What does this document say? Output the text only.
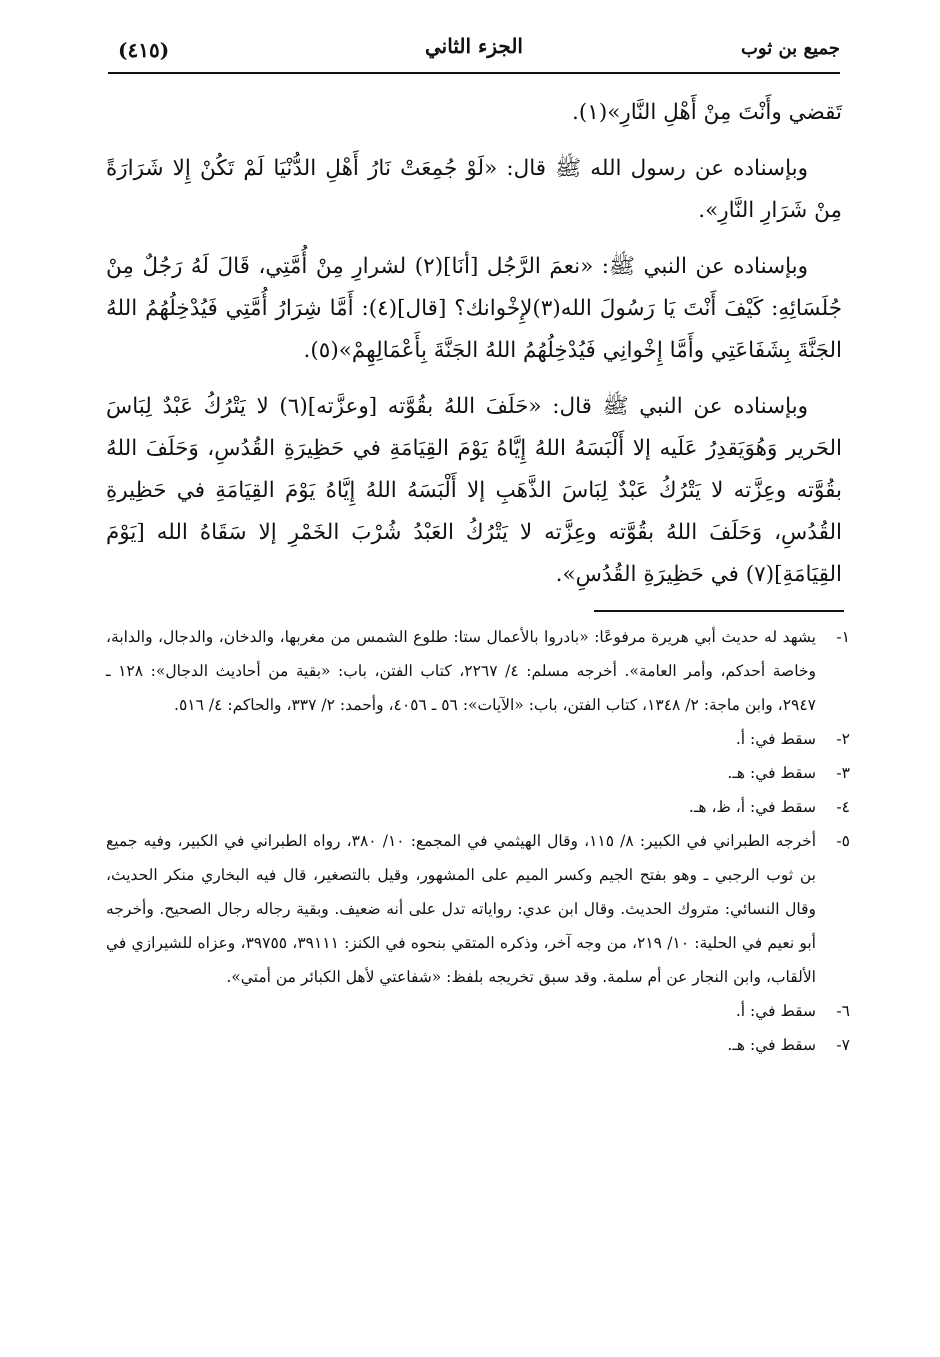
جميع بن ثوب
الجزء الثاني
(٤١٥)

تَقضي وأَنْتَ مِنْ أَهْلِ النَّارِ»(١).

وبإسناده عن رسول الله ﷺ قال: «لَوْ جُمِعَتْ نَارُ أَهْلِ الدُّنْيَا لَمْ تَكُنْ إِلا شَرَارَةً مِنْ شَرَارِ النَّارِ».

وبإسناده عن النبي ﷺ: «نعمَ الرَّجُل [أنَا](٢) لشرارِ مِنْ أُمَّتِي، قَالَ لَهُ رَجُلٌ مِنْ جُلَسَائِهِ: كَيْفَ أَنْتَ يَا رَسُولَ الله(٣)لإِخْوانك؟ [قال](٤): أَمَّا شِرَارُ أُمَّتِي فَيُدْخِلُهُمُ اللهُ الجَنَّةَ بِشَفَاعَتِي وأَمَّا إِخْوانِي فَيُدْخِلُهُمُ اللهُ الجَنَّةَ بِأَعْمَالِهِمْ»(٥).

وبإسناده عن النبي ﷺ قال: «حَلَفَ اللهُ بقُوَّته [وعزَّته](٦) لا يَتْرُكُ عَبْدٌ لِبَاسَ الحَرير وَهُوَيَقدِرُ عَلَيه إلا أَلْبَسَهُ اللهُ إِيَّاهُ يَوْمَ القِيَامَةِ في حَظِيرَةِ القُدُسِ، وَحَلَفَ اللهُ بقُوَّته وعِزَّته لا يَتْرُكُ عَبْدٌ لِبَاسَ الذَّهَبِ إلا أَلْبَسَهُ اللهُ إِيَّاهُ يَوْمَ القِيَامَةِ في حَظِيرةِ القُدُسِ، وَحَلَفَ اللهُ بقُوَّته وعِزَّته لا يَتْرُكُ العَبْدُ شُرْبَ الخَمْرِ إلا سَقَاهُ الله [يَوْمَ القِيَامَةِ](٧) في حَظِيرَةِ القُدُسِ».

١-
يشهد له حديث أبي هريرة مرفوعًا: «بادروا بالأعمال ستا: طلوع الشمس من مغربها، والدخان، والدجال، والدابة، وخاصة أحدكم، وأمر العامة». أخرجه مسلم: ٤/ ٢٢٦٧، كتاب الفتن، باب: «بقية من أحاديث الدجال»: ١٢٨ ـ ٢٩٤٧، وابن ماجة: ٢/ ١٣٤٨، كتاب الفتن، باب: «الآيات»: ٥٦ ـ ٤٠٥٦، وأحمد: ٢/ ٣٣٧، والحاكم: ٤/ ٥١٦.
٢-
سقط في: أ.
٣-
سقط في: هـ.
٤-
سقط في: أ، ظ، هـ.
٥-
أخرجه الطبراني في الكبير: ٨/ ١١٥، وقال الهيثمي في المجمع: ١٠/ ٣٨٠، رواه الطبراني في الكبير، وفيه جميع بن ثوب الرجبي ـ وهو بفتح الجيم وكسر الميم على المشهور، وقيل بالتصغير، قال فيه البخاري منكر الحديث، وقال النسائي: متروك الحديث. وقال ابن عدي: رواياته تدل على أنه ضعيف. وبقية رجاله رجال الصحيح. وأخرجه أبو نعيم في الحلية: ١٠/ ٢١٩، من وجه آخر، وذكره المتقي بنحوه في الكنز: ٣٩١١١، ٣٩٧٥٥، وعزاه للشيرازي في الألقاب، وابن النجار عن أم سلمة. وقد سبق تخريجه بلفظ: «شفاعتي لأهل الكبائر من أمتي».
٦-
سقط في: أ.
٧-
سقط في: هـ.
